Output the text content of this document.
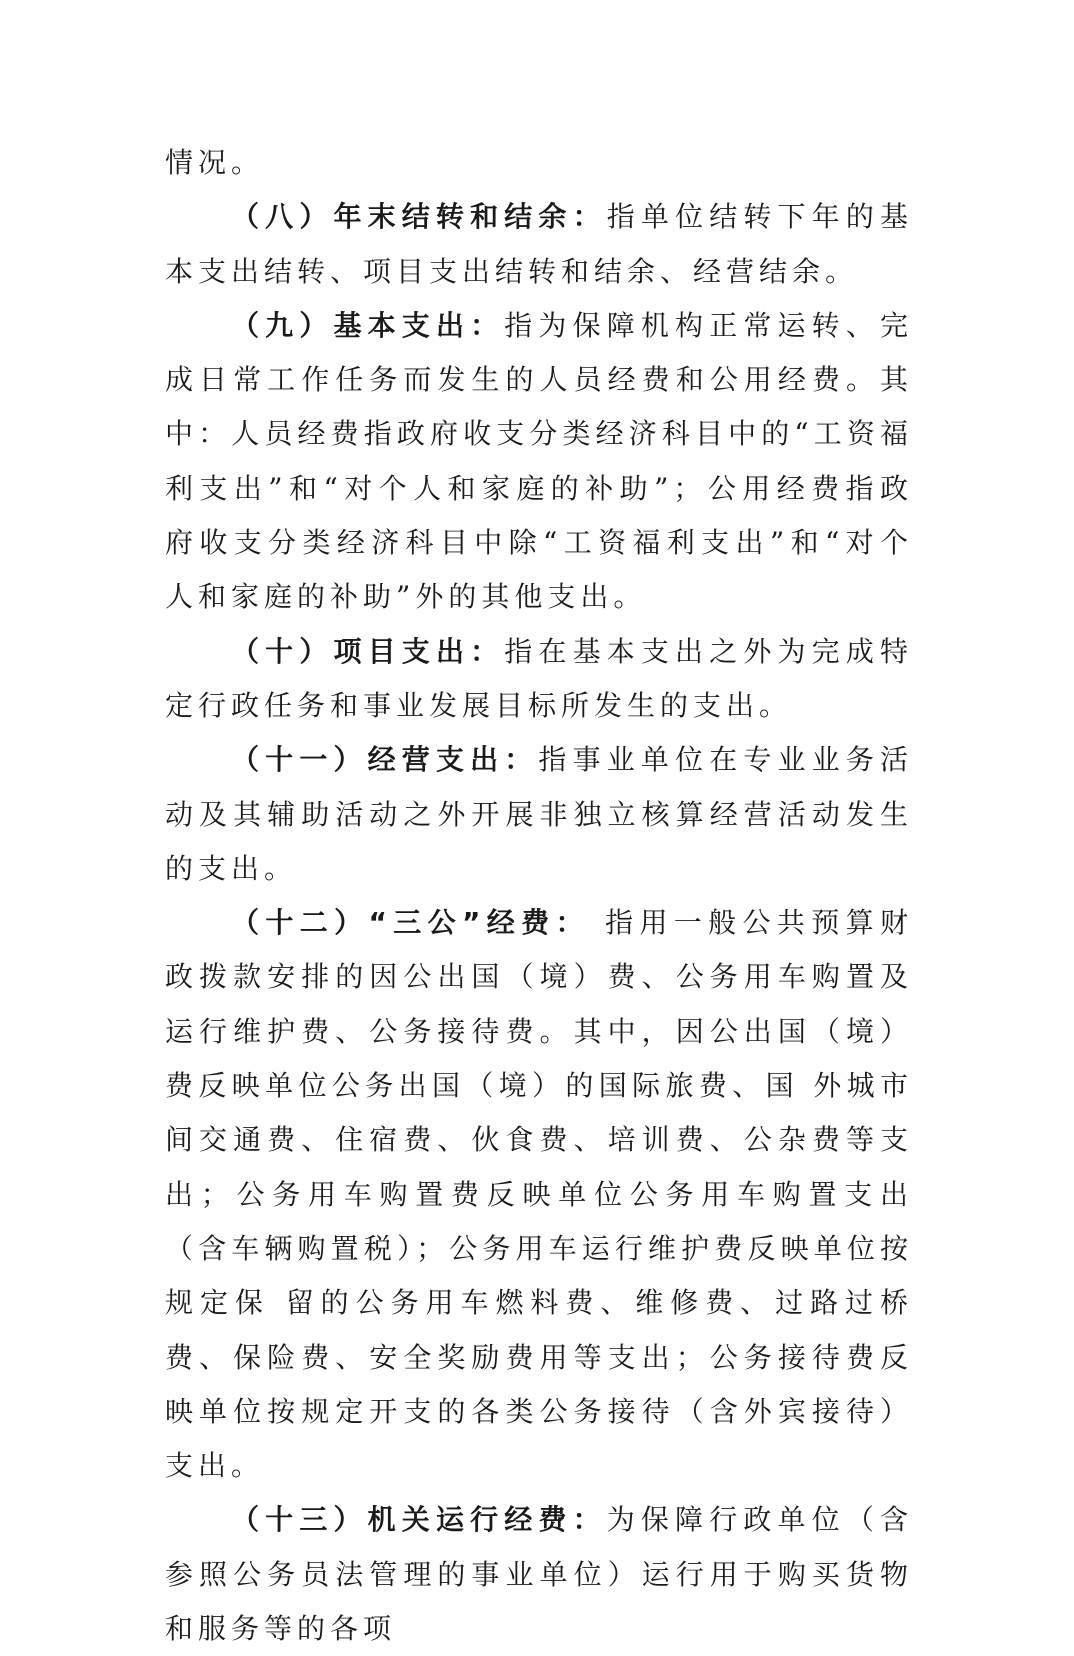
情况。

（八）年末结转和结余：指单位结转下年的基本支出结转、项目支出结转和结余、经营结余。

（九）基本支出：指为保障机构正常运转、完成日常工作任务而发生的人员经费和公用经费。其中：人员经费指政府收支分类经济科目中的“工资福利支出”和“对个人和家庭的补助”；公用经费指政府收支分类经济科目中除“工资福利支出”和“对个人和家庭的补助”外的其他支出。

（十）项目支出：指在基本支出之外为完成特定行政任务和事业发展目标所发生的支出。

（十一）经营支出：指事业单位在专业业务活动及其辅助活动之外开展非独立核算经营活动发生的支出。

（十二）“三公”经费： 指用一般公共预算财政拨款安排的因公出国（境）费、公务用车购置及运行维护费、公务接待费。其中，因公出国（境）费反映单位公务出国（境）的国际旅费、国 外城市间交通费、住宿费、伙食费、培训费、公杂费等支出；公务用车购置费反映单位公务用车购置支出（含车辆购置税）；公务用车运行维护费反映单位按规定保 留的公务用车燃料费、维修费、过路过桥费、保险费、安全奖励费用等支出；公务接待费反映单位按规定开支的各类公务接待（含外宾接待）支出。

（十三）机关运行经费：为保障行政单位（含 参照公务员法管理的事业单位）运行用于购买货物和服务等的各项
